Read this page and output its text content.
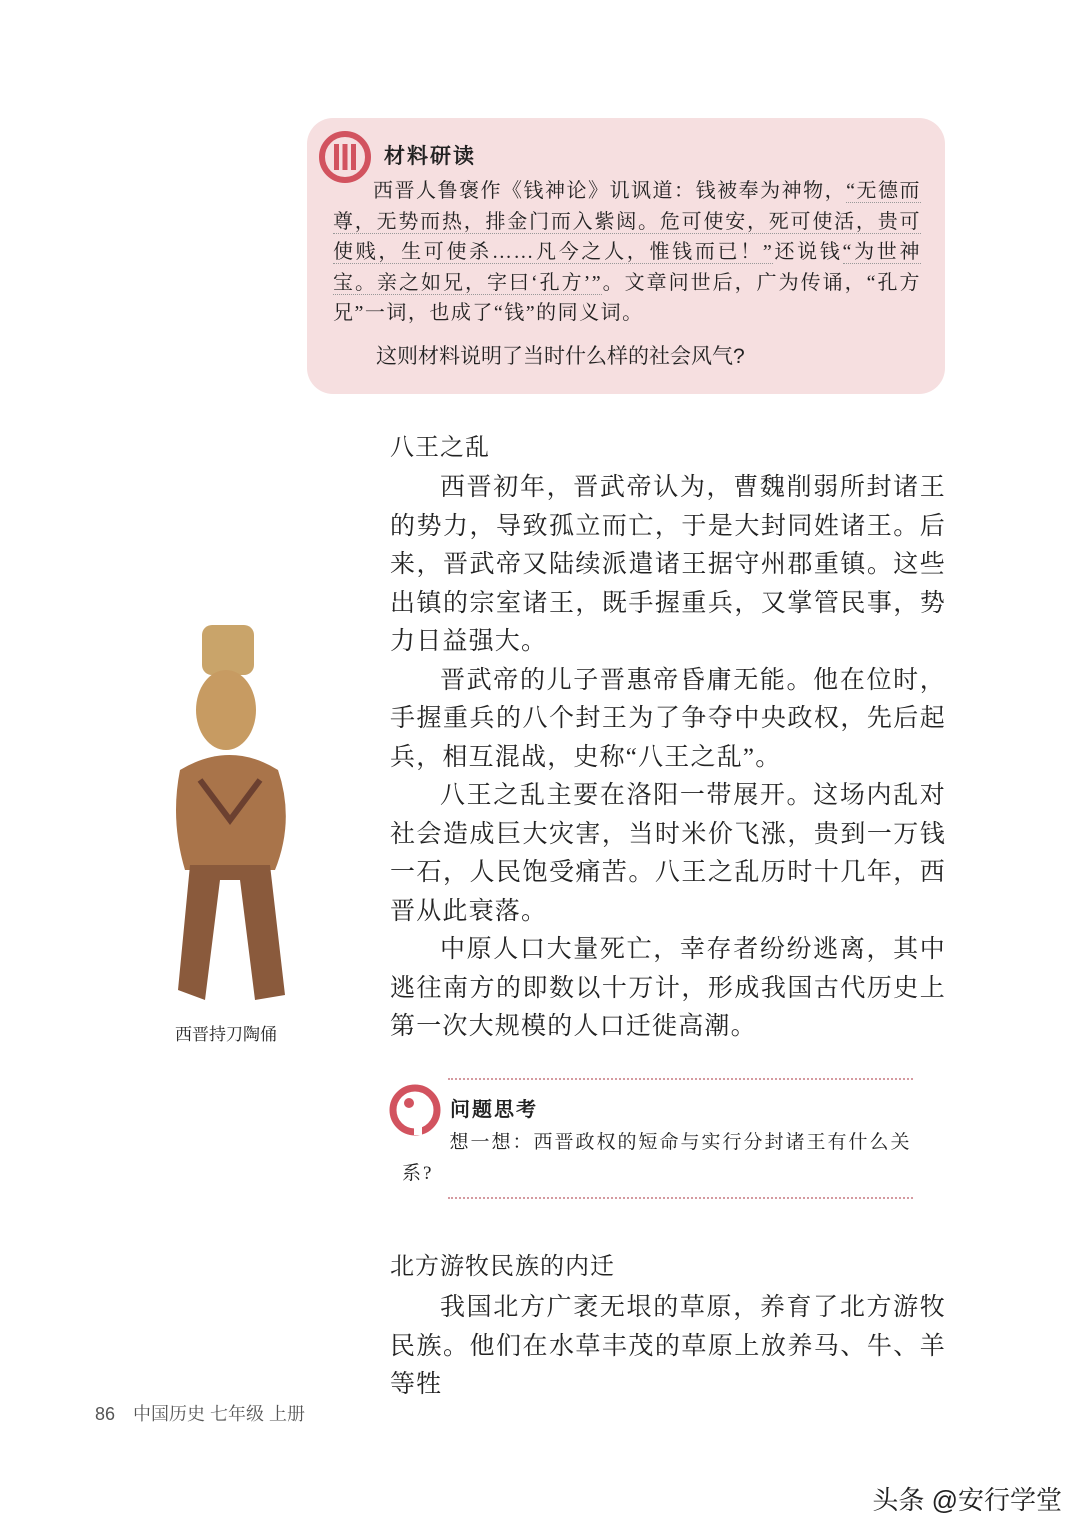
材料研读

西晋人鲁褒作《钱神论》讥讽道：钱被奉为神物，“无德而尊，无势而热，排金门而入紫闼。危可使安，死可使活，贵可使贱，生可使杀……凡今之人，惟钱而已！”还说钱“为世神宝。亲之如兄，字曰‘孔方’”。文章问世后，广为传诵，“孔方兄”一词，也成了“钱”的同义词。

这则材料说明了当时什么样的社会风气?
八王之乱

西晋初年，晋武帝认为，曹魏削弱所封诸王的势力，导致孤立而亡，于是大封同姓诸王。后来，晋武帝又陆续派遣诸王据守州郡重镇。这些出镇的宗室诸王，既手握重兵，又掌管民事，势力日益强大。

晋武帝的儿子晋惠帝昏庸无能。他在位时，手握重兵的八个封王为了争夺中央政权，先后起兵，相互混战，史称“八王之乱”。

八王之乱主要在洛阳一带展开。这场内乱对社会造成巨大灾害，当时米价飞涨，贵到一万钱一石，人民饱受痛苦。八王之乱历时十几年，西晋从此衰落。

中原人口大量死亡，幸存者纷纷逃离，其中逃往南方的即数以十万计，形成我国古代历史上第一次大规模的人口迁徙高潮。

西晋持刀陶俑
问题思考
想一想：西晋政权的短命与实行分封诸王有什么关系?
北方游牧民族的内迁

我国北方广袤无垠的草原，养育了北方游牧民族。他们在水草丰茂的草原上放养马、牛、羊等牲

86 中国历史 七年级 上册
头条 @安行学堂
